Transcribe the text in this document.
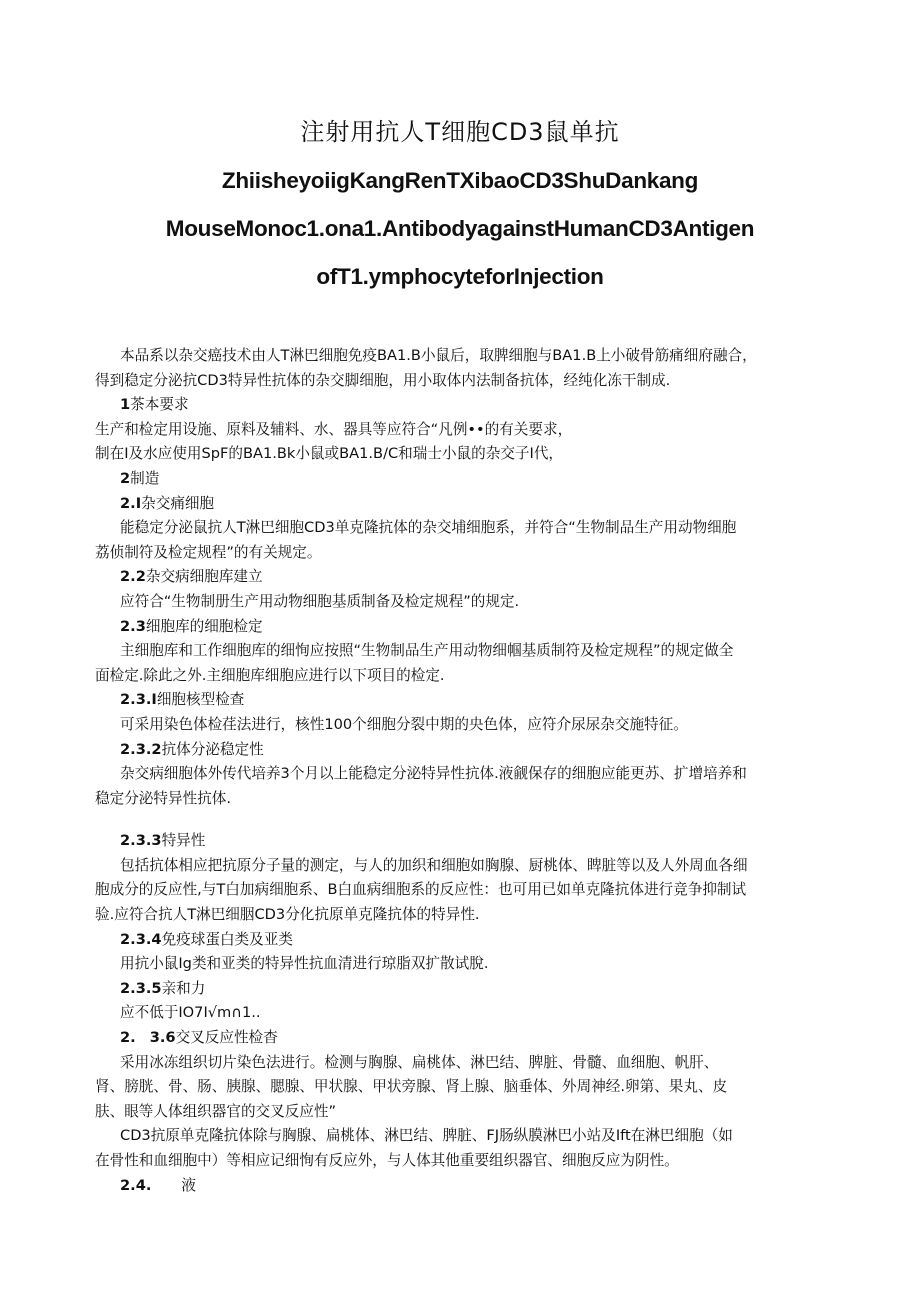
注射用抗人T细胞CD3鼠单抗
ZhiisheyoiigKangRenTXibaoCD3ShuDankang
MouseMonoc1.ona1.AntibodyagainstHumanCD3Antigen
ofT1.ymphocyteforInjection
本品系以杂交癌技术由人T淋巴细胞免疫BA1.B小鼠后，取脾细胞与BA1.B上小破骨筋痛细府融合，
得到稳定分泌抗CD3特异性抗体的杂交脚细胞，用小取体内法制备抗体，经纯化冻干制成.
1茶本要求
生产和检定用设施、原料及辅料、水、器具等应符合“凡例••的有关要求，
制在I及水应使用SpF的BA1.Bk小鼠或BA1.B/C和瑞士小鼠的杂交子I代，
2制造
2.I杂交痛细胞
能稳定分泌鼠抗人T淋巴细胞CD3单克隆抗体的杂交埔细胞系，并符合“生物制品生产用动物细胞
荔侦制符及检定规程”的有关规定。
2.2杂交病细胞库建立
应符合“生物制册生产用动物细胞基质制备及检定规程”的规定.
2.3细胞库的细胞检定
主细胞库和工作细胞库的细恂应按照“生物制品生产用动物细帼基质制符及检定规程”的规定做全
面检定.除此之外.主细胞库细胞应进行以下项目的检定.
2.3.I细胞核型检查
可采用染色体检荏法进行，核性100个细胞分裂中期的央色体，应符介尿尿杂交施特征。
2.3.2抗体分泌稳定性
杂交病细胞体外传代培养3个月以上能稳定分泌特异性抗体.液觎保存的细胞应能更苏、扩增培养和
稳定分泌特异性抗体.
2.3.3特异性
包括抗体相应把抗原分子量的测定，与人的加织和细胞如胸腺、厨桃体、睥脏等以及人外周血各细
胞成分的反应性,与T白加病细胞系、B白血病细胞系的反应性：也可用已如单克隆抗体进行竞争抑制试
验.应符合抗人T淋巴细胭CD3分化抗原单克隆抗体的特异性.
2.3.4免疫球蛋白类及亚类
用抗小鼠Ig类和亚类的特异性抗血清进行琼脂双扩散试脫.
2.3.5亲和力
应不低于IO7I√m∩1..
2. 3.6交叉反应性检杳
采用冰冻组织切片染色法进行。检测与胸腺、扁桃体、淋巴结、脾脏、骨髓、血细胞、帆肝、
肾、膀胱、骨、肠、胰腺、腮腺、甲状腺、甲状旁腺、肾上腺、脑垂体、外周神经.卵第、果丸、皮
肤、眼等人体组织器官的交叉反应性”
CD3抗原单克隆抗体除与胸腺、扁桃体、淋巴结、脾脏、FJ肠纵膜淋巴小站及Ift在淋巴细胞（如
在骨性和血细胞中）等相应记细恂有反应外，与人体其他重要组织器官、细胞反应为阴性。
2.4. 液
